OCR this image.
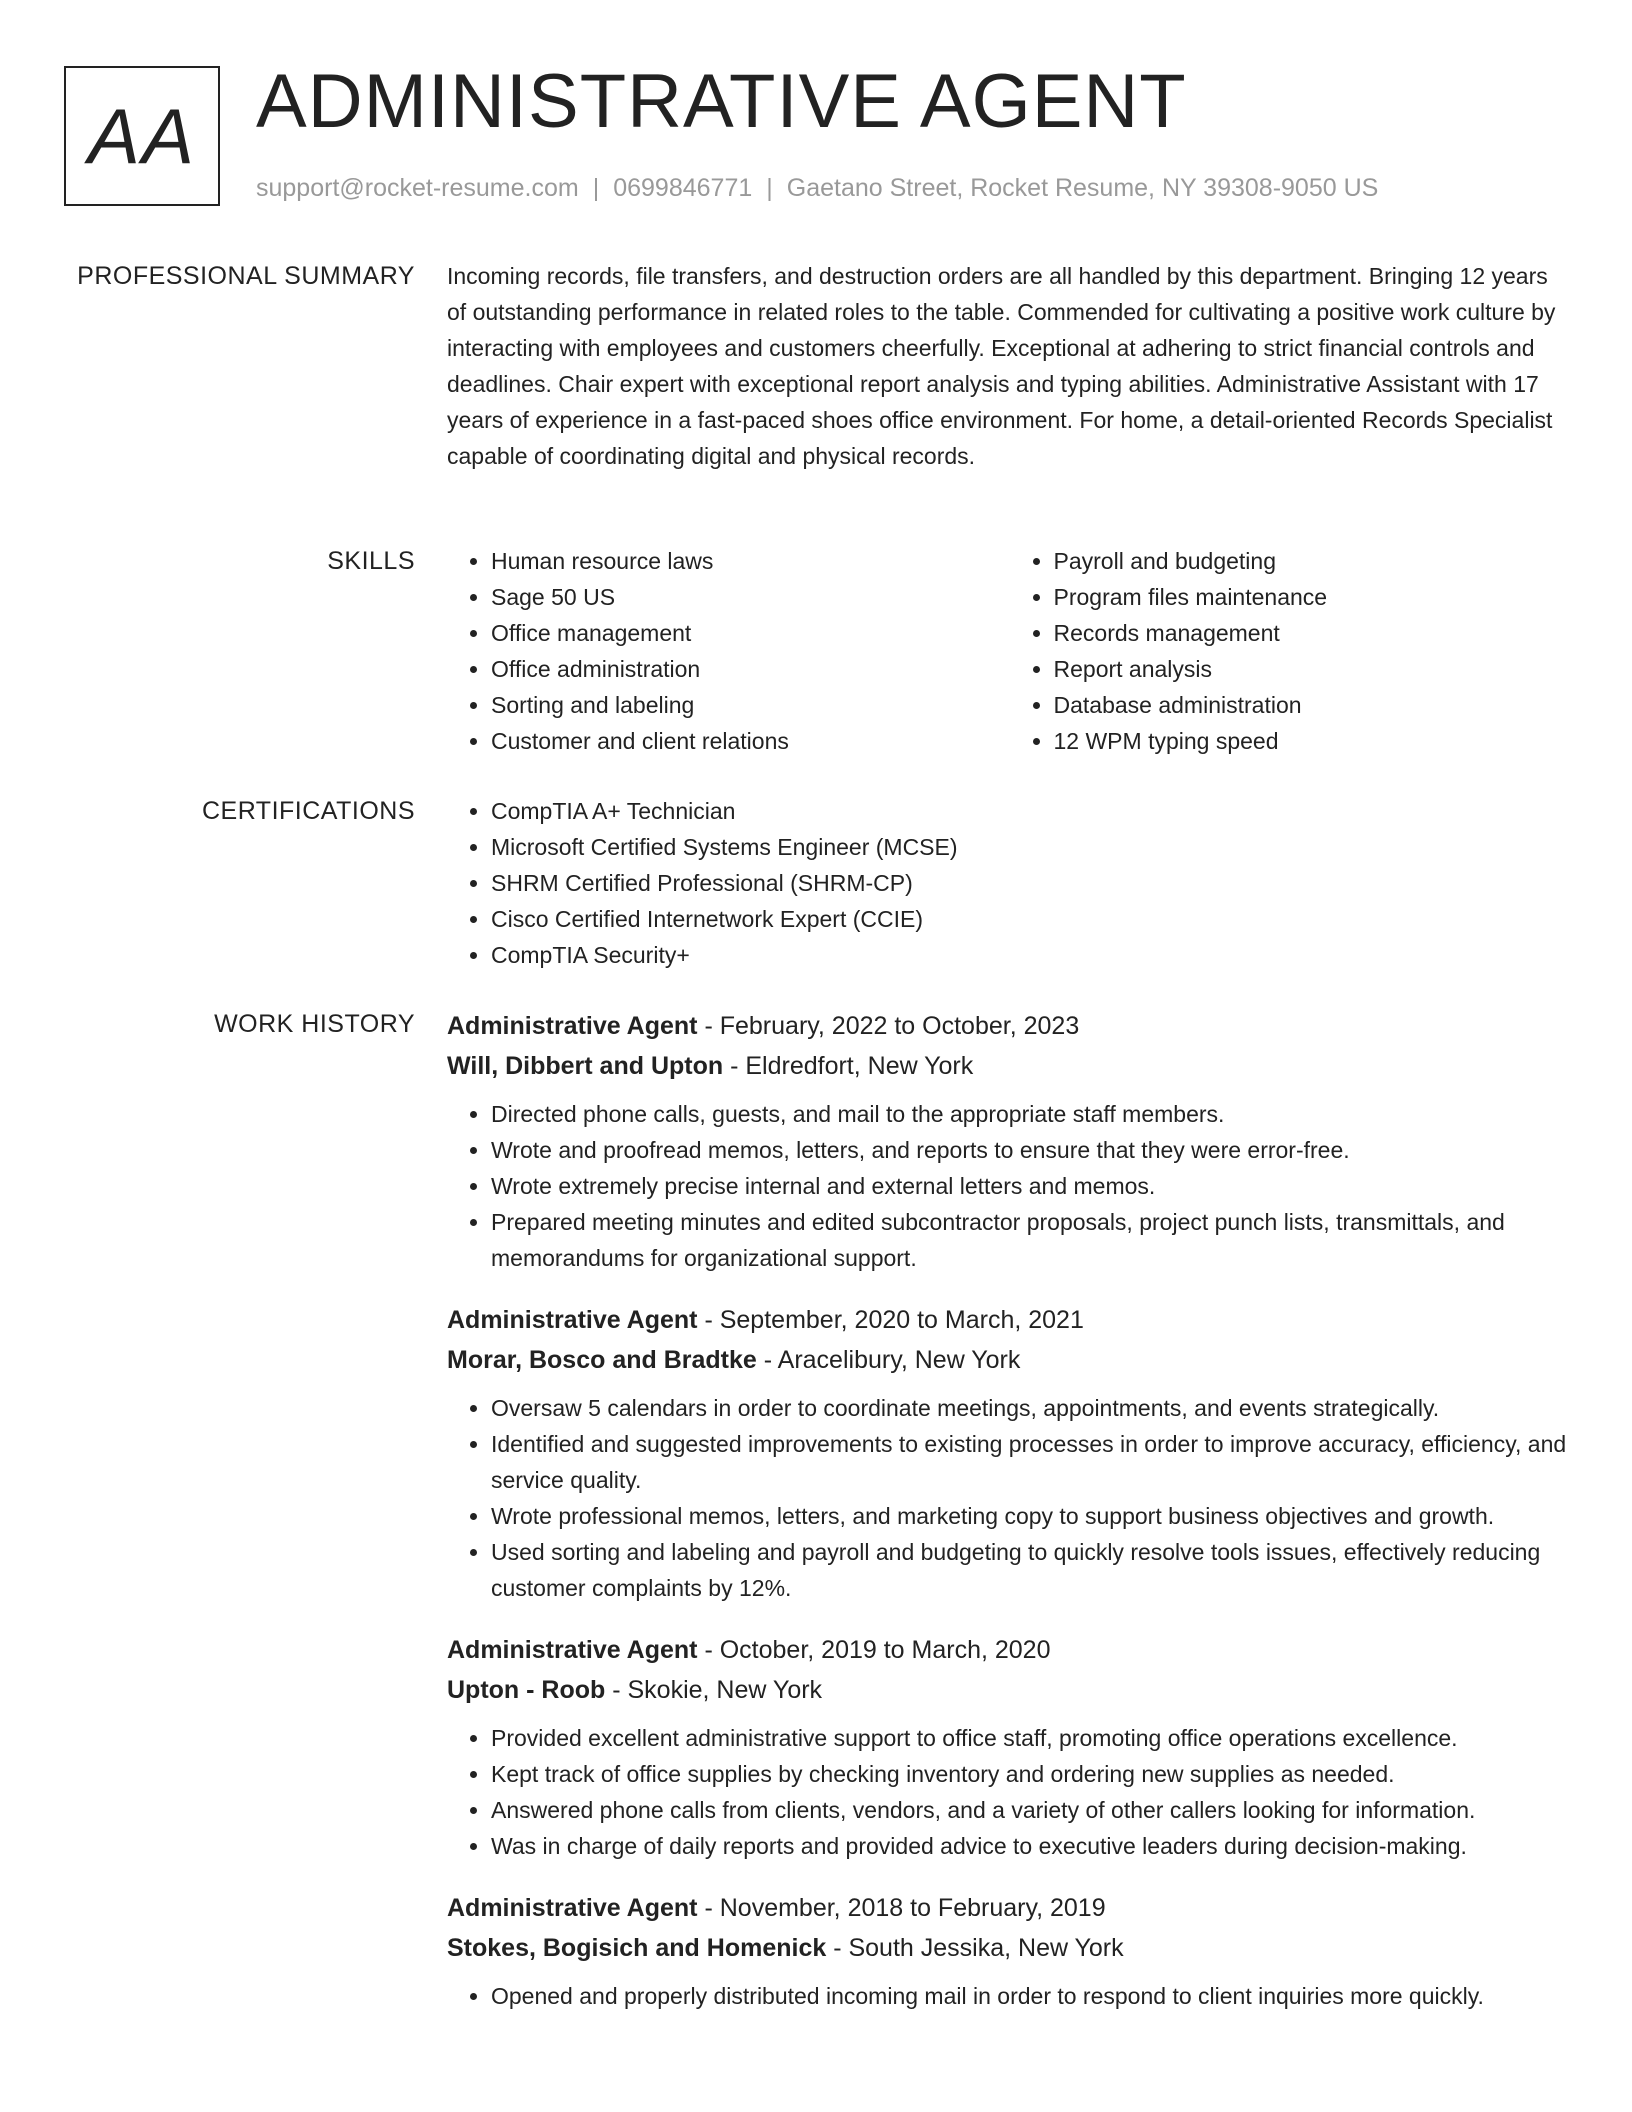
AA ADMINISTRATIVE AGENT
support@rocket-resume.com | 0699846771 | Gaetano Street, Rocket Resume, NY 39308-9050 US
PROFESSIONAL SUMMARY Incoming records, file transfers, and destruction orders are all handled by this department. Bringing 12 years of outstanding performance in related roles to the table. Commended for cultivating a positive work culture by interacting with employees and customers cheerfully. Exceptional at adhering to strict financial controls and deadlines. Chair expert with exceptional report analysis and typing abilities. Administrative Assistant with 17 years of experience in a fast-paced shoes office environment. For home, a detail-oriented Records Specialist capable of coordinating digital and physical records.

SKILLS	• Human resource laws
• Sage 50 US
• Office management
• Office administration
• Sorting and labeling
• Customer and client relations
• Payroll and budgeting
• Program files maintenance
• Records management
• Report analysis
• Database administration
• 12 WPM typing speed
CERTIFICATIONS	• CompTIA A+ Technician
• Microsoft Certified Systems Engineer (MCSE)
• SHRM Certified Professional (SHRM-CP)
• Cisco Certified Internetwork Expert (CCIE)
• CompTIA Security+
WORK HISTORY Administrative Agent - February, 2022 to October, 2023
Will, Dibbert and Upton - Eldredfort, New York
• Directed phone calls, guests, and mail to the appropriate staff members.
• Wrote and proofread memos, letters, and reports to ensure that they were error-free.
• Wrote extremely precise internal and external letters and memos.
• Prepared meeting minutes and edited subcontractor proposals, project punch lists, transmittals, and memorandums for organizational support.
Administrative Agent - September, 2020 to March, 2021
Morar, Bosco and Bradtke - Aracelibury, New York
• Oversaw 5 calendars in order to coordinate meetings, appointments, and events strategically.
• Identified and suggested improvements to existing processes in order to improve accuracy, efficiency, and service quality.
• Wrote professional memos, letters, and marketing copy to support business objectives and growth.
• Used sorting and labeling and payroll and budgeting to quickly resolve tools issues, effectively reducing customer complaints by 12%.
Administrative Agent - October, 2019 to March, 2020
Upton - Roob - Skokie, New York
• Provided excellent administrative support to office staff, promoting office operations excellence.
• Kept track of office supplies by checking inventory and ordering new supplies as needed.
• Answered phone calls from clients, vendors, and a variety of other callers looking for information.
• Was in charge of daily reports and provided advice to executive leaders during decision-making.
Administrative Agent - November, 2018 to February, 2019
Stokes, Bogisich and Homenick - South Jessika, New York
• Opened and properly distributed incoming mail in order to respond to client inquiries more quickly.
